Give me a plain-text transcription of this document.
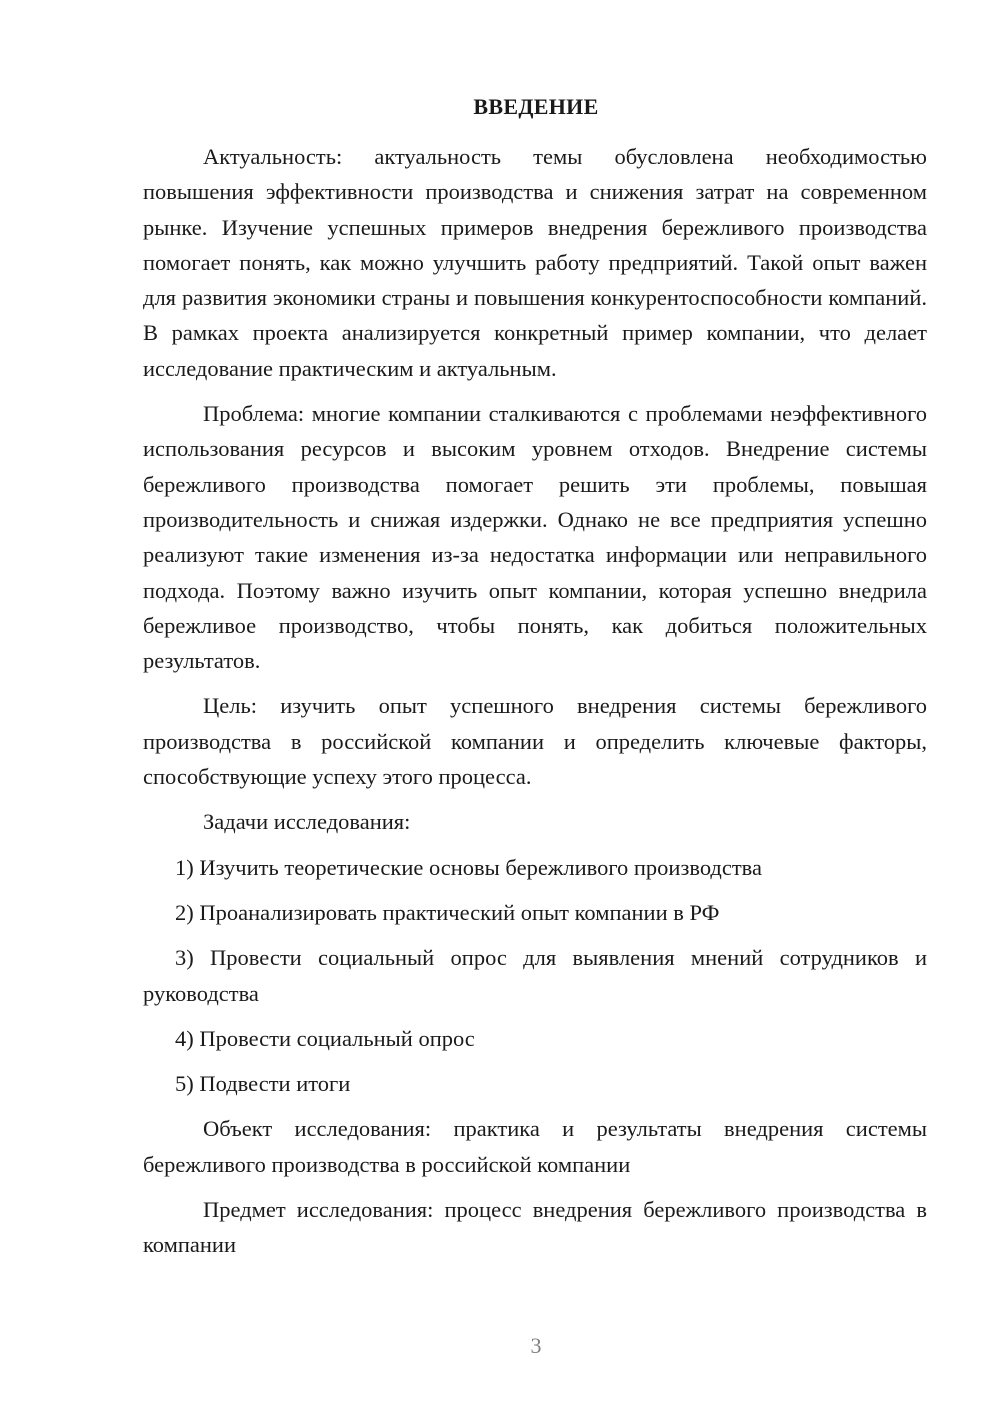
ВВЕДЕНИЕ

Актуальность: актуальность темы обусловлена необходимостью повышения эффективности производства и снижения затрат на современном рынке. Изучение успешных примеров внедрения бережливого производства помогает понять, как можно улучшить работу предприятий. Такой опыт важен для развития экономики страны и повышения конкурентоспособности компаний. В рамках проекта анализируется конкретный пример компании, что делает исследование практическим и актуальным.

Проблема: многие компании сталкиваются с проблемами неэффективного использования ресурсов и высоким уровнем отходов. Внедрение системы бережливого производства помогает решить эти проблемы, повышая производительность и снижая издержки. Однако не все предприятия успешно реализуют такие изменения из-за недостатка информации или неправильного подхода. Поэтому важно изучить опыт компании, которая успешно внедрила бережливое производство, чтобы понять, как добиться положительных результатов.

Цель: изучить опыт успешного внедрения системы бережливого производства в российской компании и определить ключевые факторы, способствующие успеху этого процесса.

Задачи исследования:

1) Изучить теоретические основы бережливого производства

2) Проанализировать практический опыт компании в РФ

3) Провести социальный опрос для выявления мнений сотрудников и руководства

4) Провести социальный опрос

5) Подвести итоги

Объект исследования: практика и результаты внедрения системы бережливого производства в российской компании

Предмет исследования: процесс внедрения бережливого производства в компании

3
